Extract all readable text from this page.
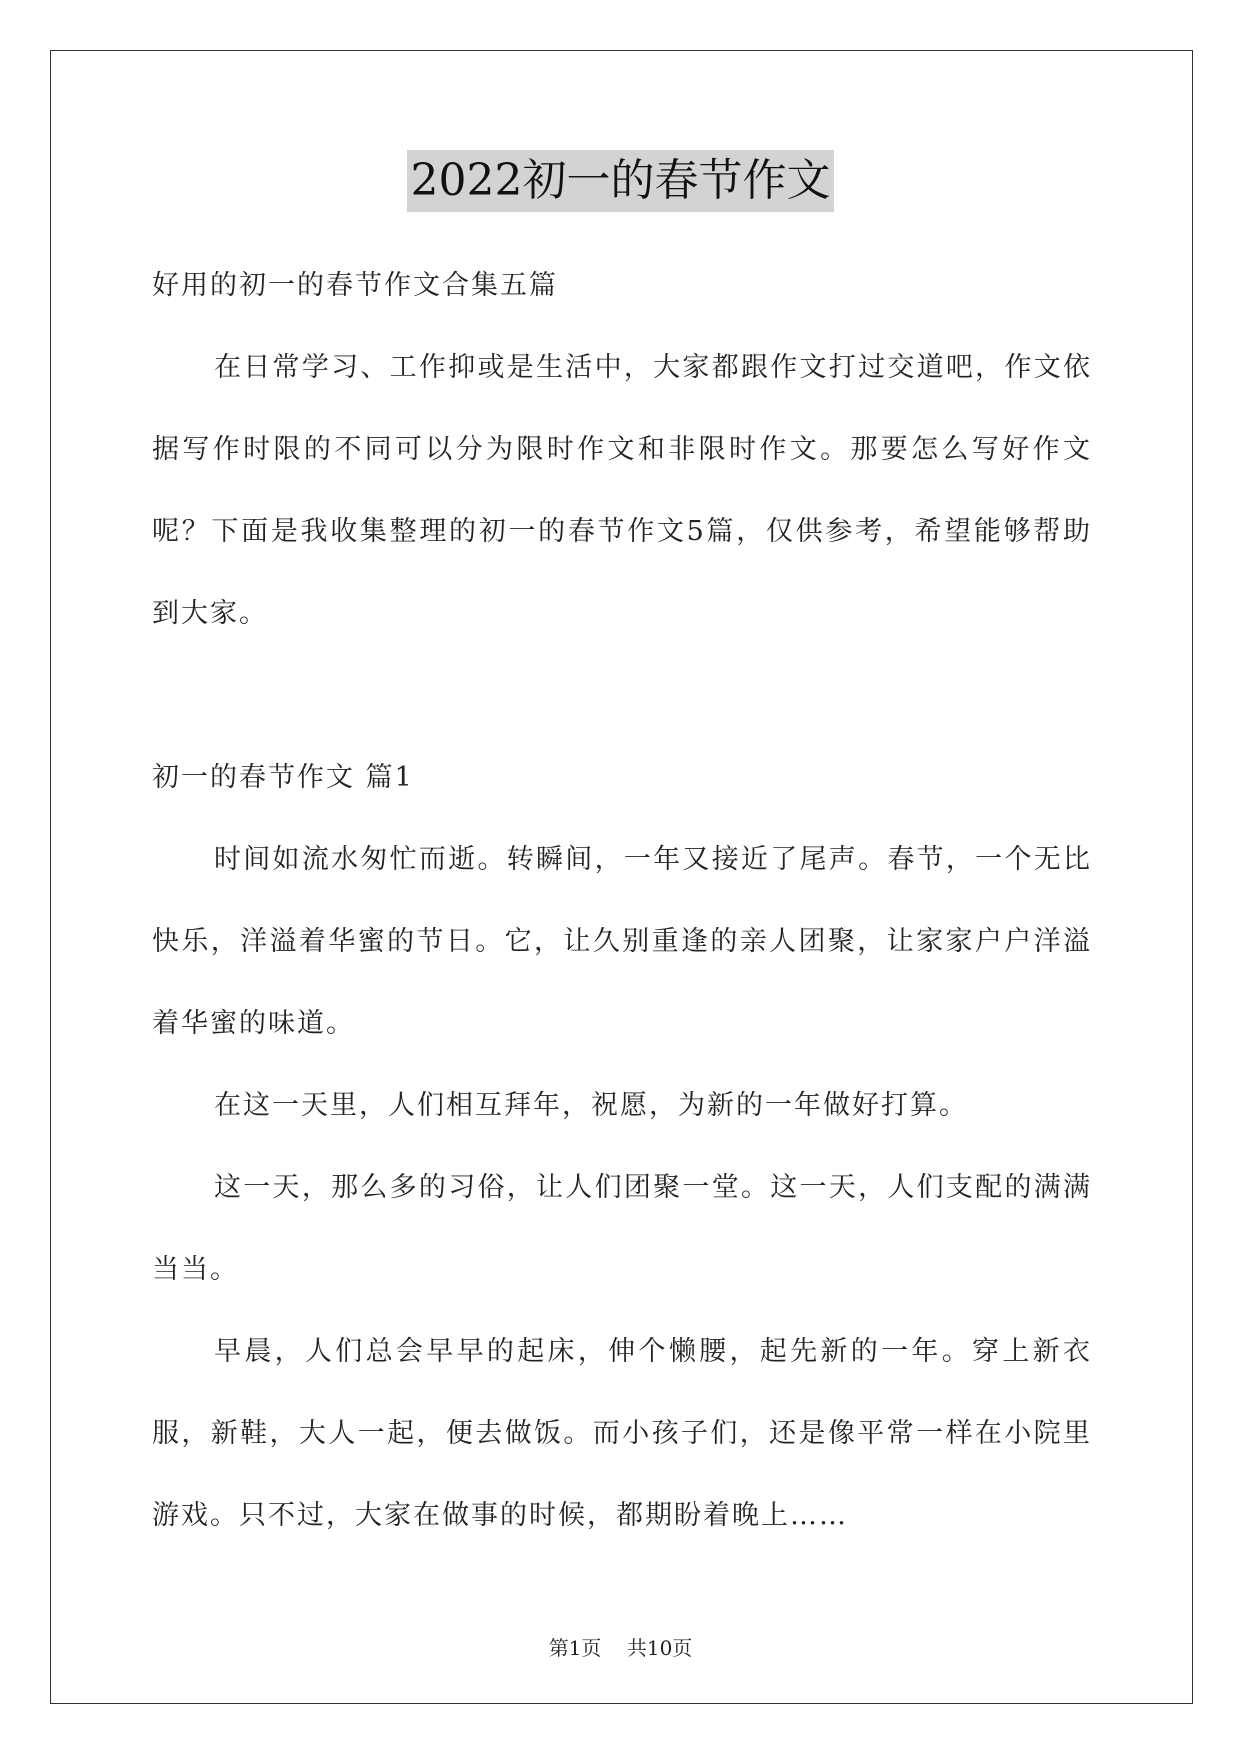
2022初一的春节作文

好用的初一的春节作文合集五篇

在日常学习、工作抑或是生活中，大家都跟作文打过交道吧，作文依据写作时限的不同可以分为限时作文和非限时作文。那要怎么写好作文呢？下面是我收集整理的初一的春节作文5篇，仅供参考，希望能够帮助到大家。

初一的春节作文 篇1

时间如流水匆忙而逝。转瞬间，一年又接近了尾声。春节，一个无比快乐，洋溢着华蜜的节日。它，让久别重逢的亲人团聚，让家家户户洋溢着华蜜的味道。

在这一天里，人们相互拜年，祝愿，为新的一年做好打算。

这一天，那么多的习俗，让人们团聚一堂。这一天，人们支配的满满当当。

早晨，人们总会早早的起床，伸个懒腰，起先新的一年。穿上新衣服，新鞋，大人一起，便去做饭。而小孩子们，还是像平常一样在小院里游戏。只不过，大家在做事的时候，都期盼着晚上……

第1页 共10页
